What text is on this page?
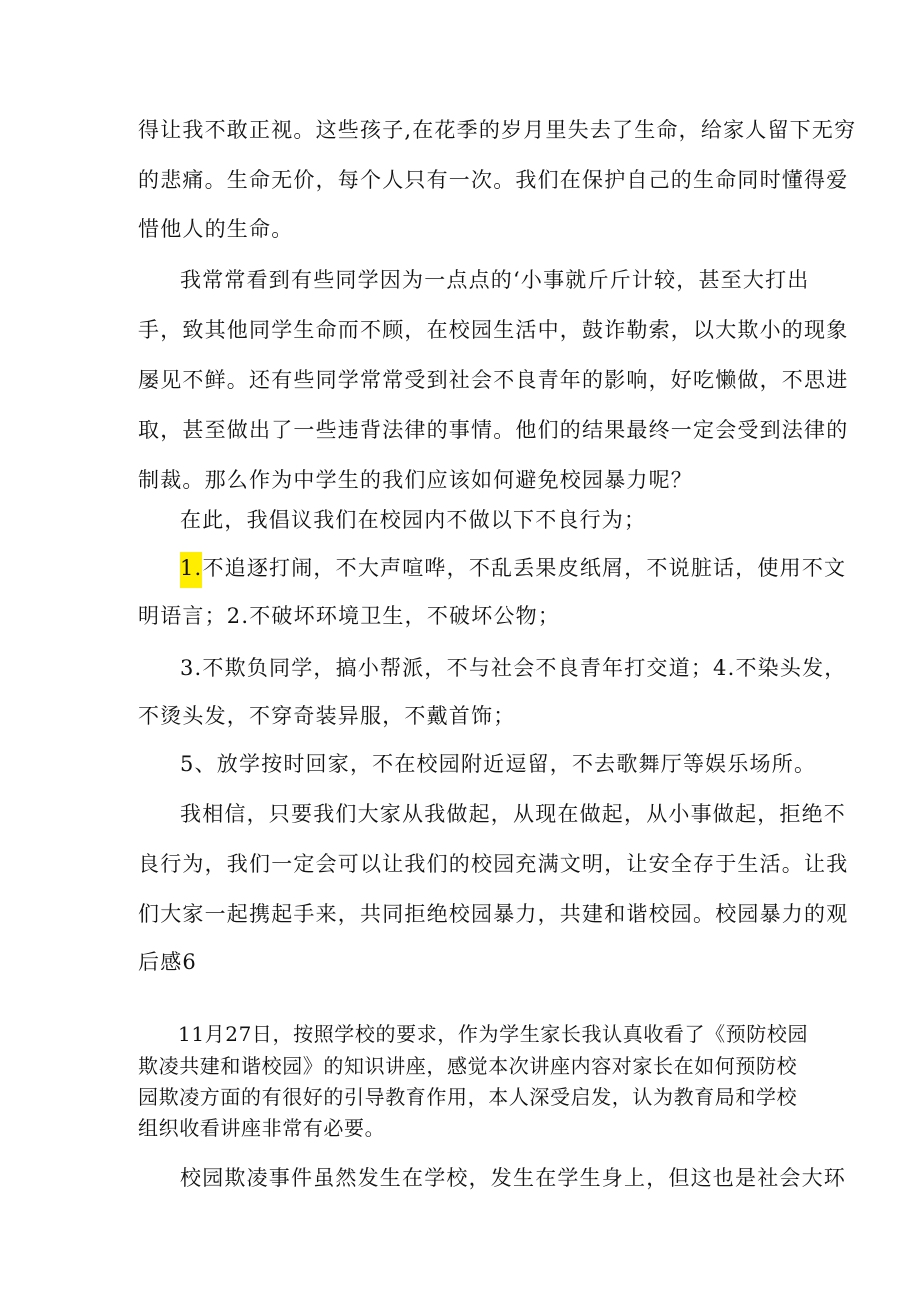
得让我不敢正视。这些孩子,在花季的岁月里失去了生命，给家人留下无穷
的悲痛。生命无价，每个人只有一次。我们在保护自己的生命同时懂得爱
惜他人的生命。
我常常看到有些同学因为一点点的‘小事就斤斤计较，甚至大打出
手，致其他同学生命而不顾，在校园生活中，鼓诈勒索，以大欺小的现象
屡见不鲜。还有些同学常常受到社会不良青年的影响，好吃懒做，不思进
取，甚至做出了一些违背法律的事情。他们的结果最终一定会受到法律的
制裁。那么作为中学生的我们应该如何避免校园暴力呢？
在此，我倡议我们在校园内不做以下不良行为；
1.不追逐打闹，不大声喧哗，不乱丢果皮纸屑，不说脏话，使用不文
明语言；2.不破坏环境卫生，不破坏公物；
3.不欺负同学，搞小帮派，不与社会不良青年打交道；4.不染头发，
不烫头发，不穿奇装异服，不戴首饰；
5、放学按时回家，不在校园附近逗留，不去歌舞厅等娱乐场所。
我相信，只要我们大家从我做起，从现在做起，从小事做起，拒绝不
良行为，我们一定会可以让我们的校园充满文明，让安全存于生活。让我
们大家一起携起手来，共同拒绝校园暴力，共建和谐校园。校园暴力的观
后感6
11月27日，按照学校的要求，作为学生家长我认真收看了《预防校园
欺凌共建和谐校园》的知识讲座，感觉本次讲座内容对家长在如何预防校
园欺凌方面的有很好的引导教育作用，本人深受启发，认为教育局和学校
组织收看讲座非常有必要。
校园欺凌事件虽然发生在学校，发生在学生身上，但这也是社会大环
